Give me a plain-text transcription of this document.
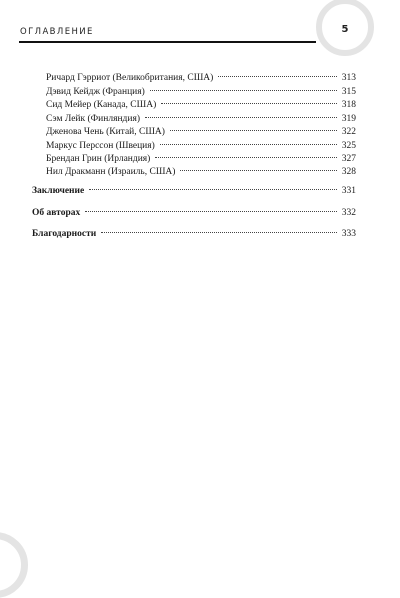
5
ОГЛАВЛЕНИЕ
Ричард Гэрриот (Великобритания, США)	313
Дэвид Кейдж (Франция)	315
Сид Мейер (Канада, США)	318
Сэм Лейк (Финляндия)	319
Дженова Чень (Китай, США)	322
Маркус Перссон (Швеция)	325
Брендан Грин (Ирландия)	327
Нил Дракманн (Израиль, США)	328
Заключение	331
Об авторах	332
Благодарности	333
